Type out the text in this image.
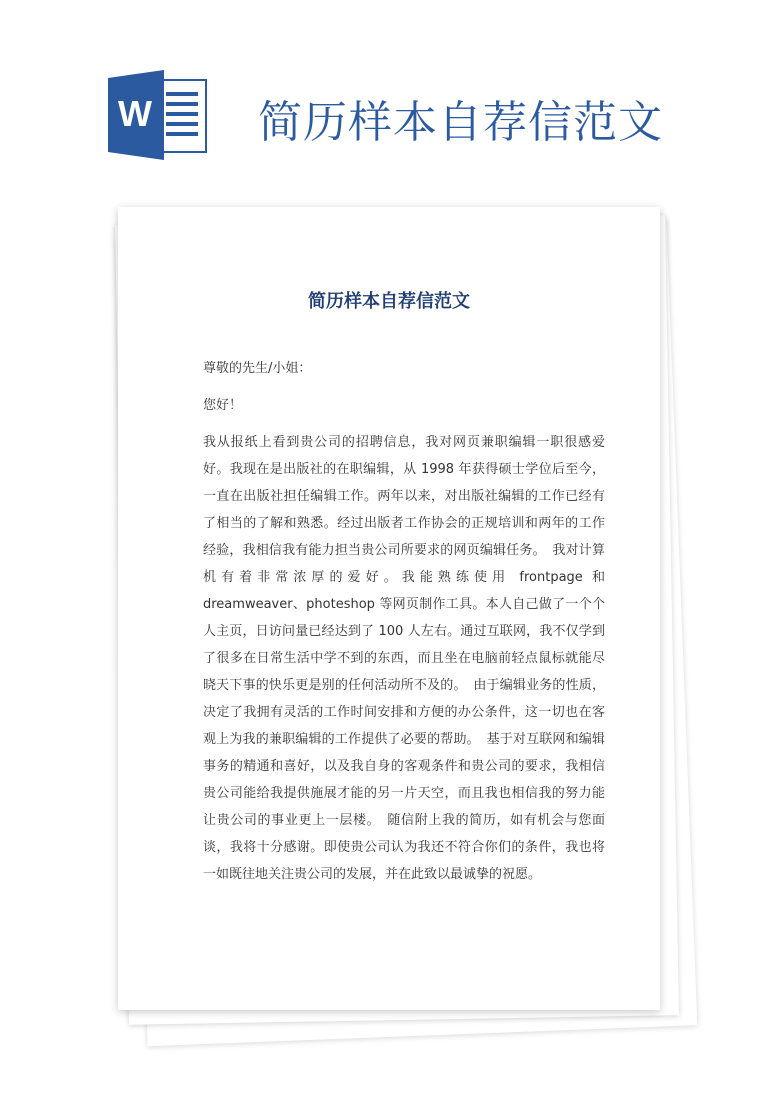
W 简历样本自荐信范文
简历样本自荐信范文

尊敬的先生/小姐：

您好！

我从报纸上看到贵公司的招聘信息，我对网页兼职编辑一职很感爱好。我现在是出版社的在职编辑，从 1998 年获得硕士学位后至今，一直在出版社担任编辑工作。两年以来，对出版社编辑的工作已经有了相当的了解和熟悉。经过出版者工作协会的正规培训和两年的工作经验，我相信我有能力担当贵公司所要求的网页编辑任务。　我对计算机有着非常浓厚的爱好。我能熟练使用 frontpage 和 dreamweaver、photeshop 等网页制作工具。本人自己做了一个个人主页，日访问量已经达到了 100 人左右。通过互联网，我不仅学到了很多在日常生活中学不到的东西，而且坐在电脑前轻点鼠标就能尽晓天下事的快乐更是别的任何活动所不及的。　由于编辑业务的性质，决定了我拥有灵活的工作时间安排和方便的办公条件，这一切也在客观上为我的兼职编辑的工作提供了必要的帮助。　基于对互联网和编辑事务的精通和喜好，以及我自身的客观条件和贵公司的要求，我相信贵公司能给我提供施展才能的另一片天空，而且我也相信我的努力能让贵公司的事业更上一层楼。　随信附上我的简历，如有机会与您面谈，我将十分感谢。即使贵公司认为我还不符合你们的条件，我也将一如既往地关注贵公司的发展，并在此致以最诚挚的祝愿。
